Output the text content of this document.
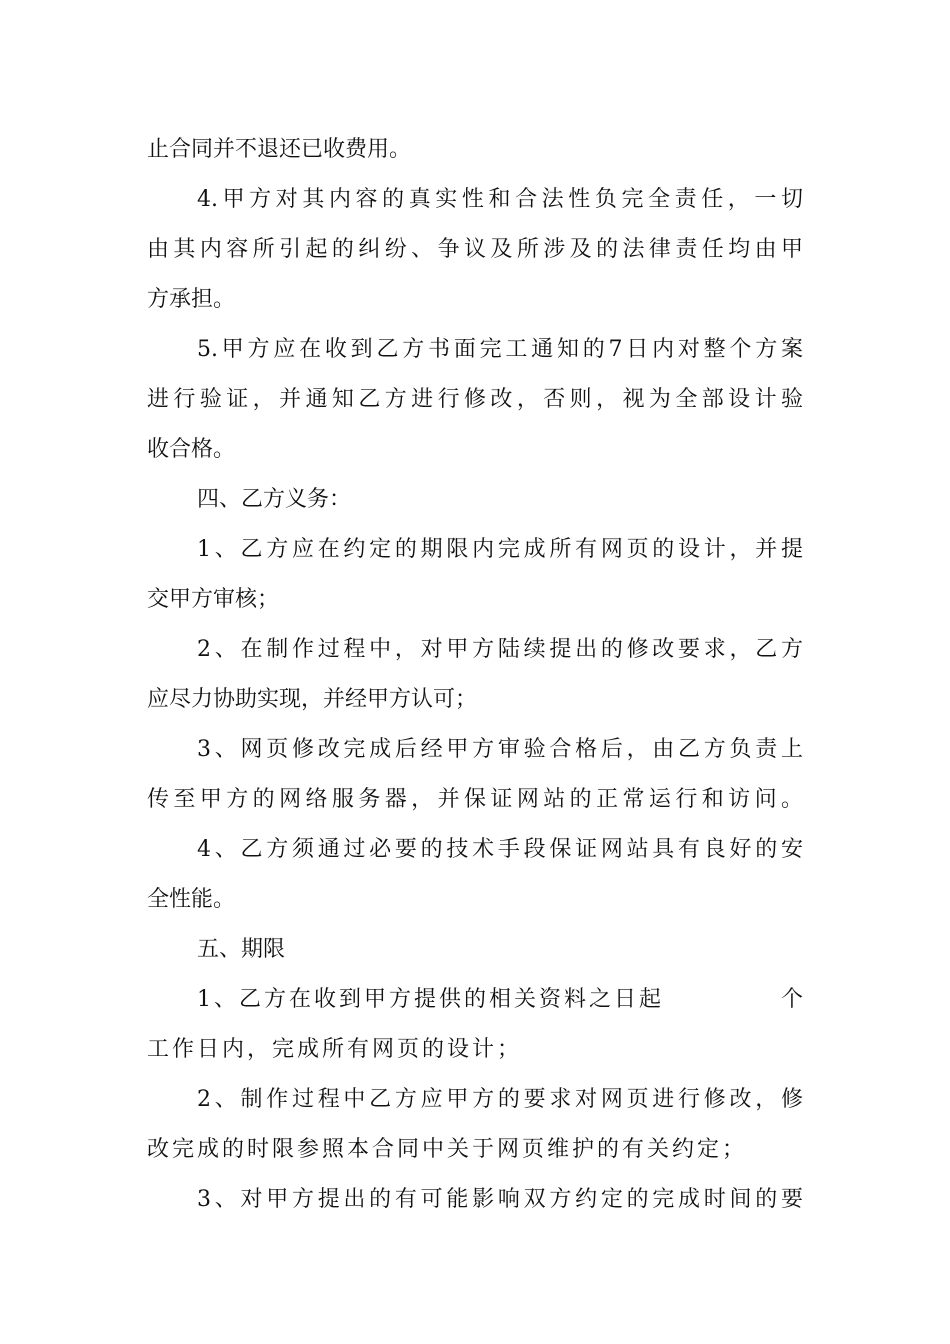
止合同并不退还已收费用。
4.甲方对其内容的真实性和合法性负完全责任，一切
由其内容所引起的纠纷、争议及所涉及的法律责任均由甲
方承担。
5.甲方应在收到乙方书面完工通知的7日内对整个方案
进行验证，并通知乙方进行修改，否则，视为全部设计验
收合格。
四、乙方义务：
1、乙方应在约定的期限内完成所有网页的设计，并提
交甲方审核；
2、在制作过程中，对甲方陆续提出的修改要求，乙方
应尽力协助实现，并经甲方认可；
3、网页修改完成后经甲方审验合格后，由乙方负责上
传至甲方的网络服务器，并保证网站的正常运行和访问。
4、乙方须通过必要的技术手段保证网站具有良好的安
全性能。
五、期限
1、乙方在收到甲方提供的相关资料之日起	个
工作日内，完成所有网页的设计；
2、制作过程中乙方应甲方的要求对网页进行修改，修
改完成的时限参照本合同中关于网页维护的有关约定；
3、对甲方提出的有可能影响双方约定的完成时间的要
